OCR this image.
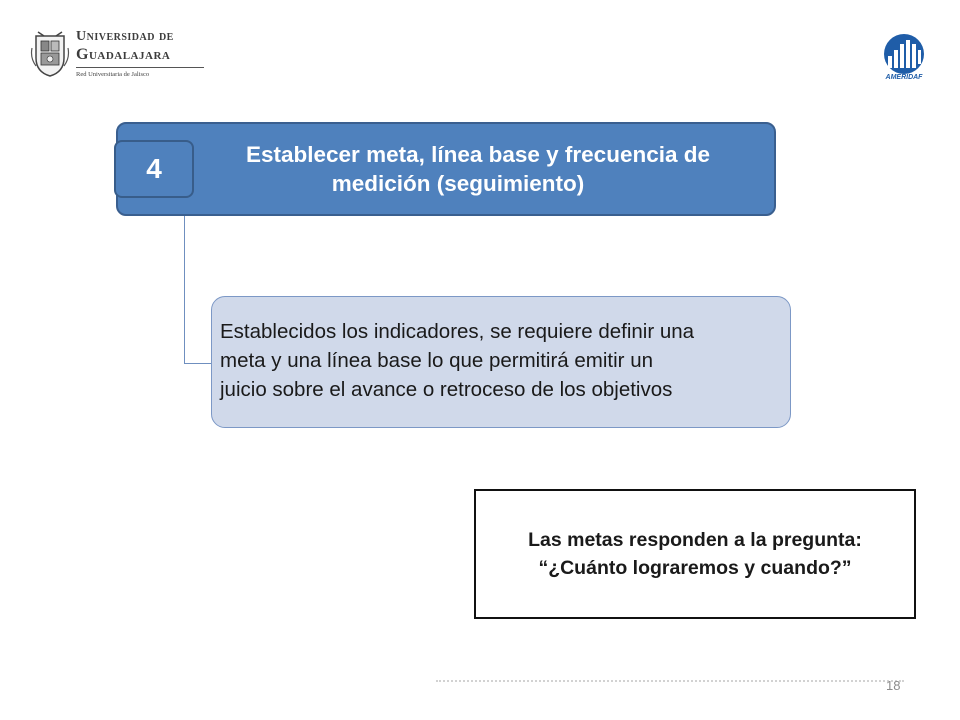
Universidad de
Guadalajara
Red Universitaria de Jalisco	AMERIDAF
Establecer meta, línea base y frecuencia de
medición (seguimiento)
4
Establecidos los indicadores, se requiere definir una
meta y una línea base lo que permitirá emitir un
juicio sobre el avance o retroceso de los objetivos
Las metas responden a la pregunta:
“¿Cuánto lograremos y cuando?”
18
